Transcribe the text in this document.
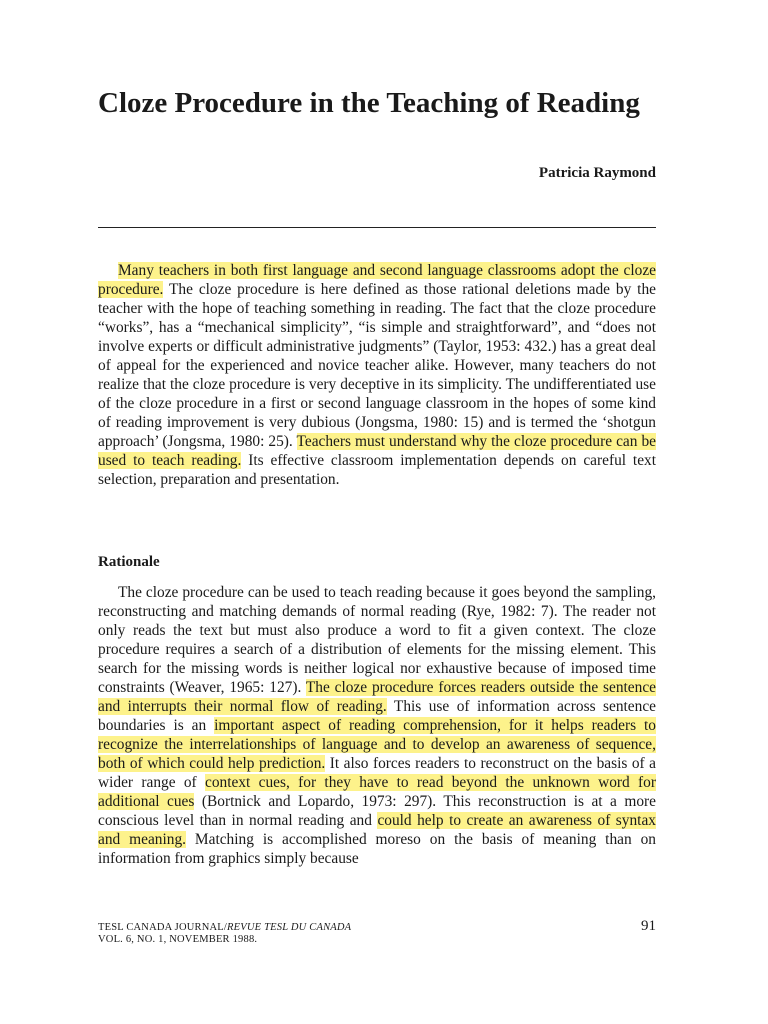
Cloze Procedure in the Teaching of Reading
Patricia Raymond

Many teachers in both first language and second language classrooms adopt the cloze procedure. The cloze procedure is here defined as those rational deletions made by the teacher with the hope of teaching something in reading. The fact that the cloze procedure “works”, has a “mechanical simplicity”, “is simple and straightforward”, and “does not involve experts or difficult administrative judgments” (Taylor, 1953: 432.) has a great deal of appeal for the experienced and novice teacher alike. However, many teachers do not realize that the cloze procedure is very deceptive in its simplicity. The undifferentiated use of the cloze procedure in a first or second language classroom in the hopes of some kind of reading improvement is very dubious (Jongsma, 1980: 15) and is termed the ‘shotgun approach’ (Jongsma, 1980: 25). Teachers must understand why the cloze procedure can be used to teach reading. Its effective classroom implementation depends on careful text selection, preparation and presentation.

Rationale

The cloze procedure can be used to teach reading because it goes beyond the sampling, reconstructing and matching demands of normal reading (Rye, 1982: 7). The reader not only reads the text but must also produce a word to fit a given context. The cloze procedure requires a search of a distribution of elements for the missing element. This search for the missing words is neither logical nor exhaustive because of imposed time constraints (Weaver, 1965: 127). The cloze procedure forces readers outside the sentence and interrupts their normal flow of reading. This use of information across sentence boundaries is an important aspect of reading comprehension, for it helps readers to recognize the interrelationships of language and to develop an awareness of sequence, both of which could help prediction. It also forces readers to reconstruct on the basis of a wider range of context cues, for they have to read beyond the unknown word for additional cues (Bortnick and Lopardo, 1973: 297). This reconstruction is at a more conscious level than in normal reading and could help to create an awareness of syntax and meaning. Matching is accomplished moreso on the basis of meaning than on information from graphics simply because

TESL CANADA JOURNAL/REVUE TESL DU CANADA
VOL. 6, NO. 1, NOVEMBER 1988.
91
